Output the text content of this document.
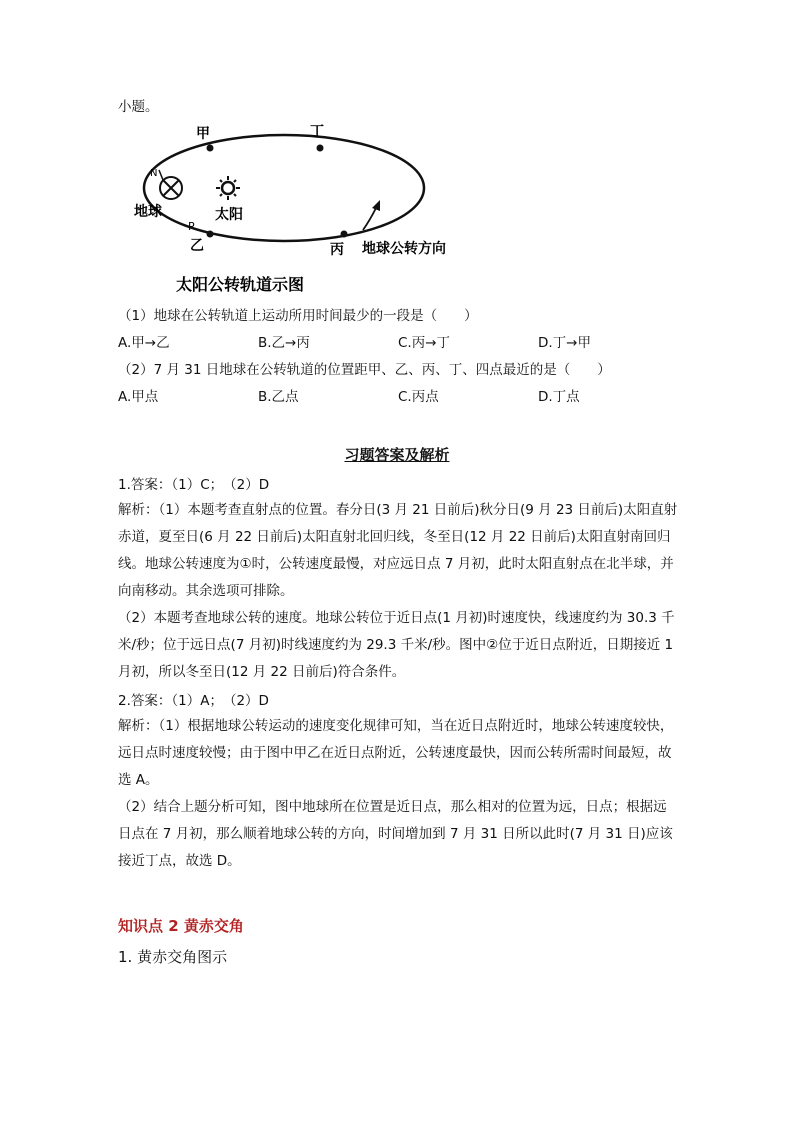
小题。
甲	丁
乙	丙
N
地球
P
太阳
地球公转方向
太阳公转轨道示图
（1）地球在公转轨道上运动所用时间最少的一段是（　　）
A.甲→乙	B.乙→丙	C.丙→丁	D.丁→甲
（2）7 月 31 日地球在公转轨道的位置距甲、乙、丙、丁、四点最近的是（　　）
A.甲点	B.乙点	C.丙点	D.丁点
习题答案及解析
1.答案：（1）C；　（2）D
解析：（1）本题考查直射点的位置。春分日(3 月 21 日前后)秋分日(9 月 23 日前后)太阳直射赤道，夏至日(6 月 22 日前后)太阳直射北回归线，冬至日(12 月 22 日前后)太阳直射南回归线。地球公转速度为①时，公转速度最慢，对应远日点 7 月初，此时太阳直射点在北半球，并向南移动。其余选项可排除。
（2）本题考查地球公转的速度。地球公转位于近日点(1 月初)时速度快，线速度约为 30.3 千米/秒；位于远日点(7 月初)时线速度约为 29.3 千米/秒。图中②位于近日点附近，日期接近 1 月初，所以冬至日(12 月 22 日前后)符合条件。
2.答案：（1）A；　（2）D
解析：（1）根据地球公转运动的速度变化规律可知，当在近日点附近时，地球公转速度较快，远日点时速度较慢；由于图中甲乙在近日点附近，公转速度最快，因而公转所需时间最短，故选 A。
（2）结合上题分析可知，图中地球所在位置是近日点，那么相对的位置为远，日点；根据远日点在 7 月初，那么顺着地球公转的方向，时间增加到 7 月 31 日所以此时(7 月 31 日)应该接近丁点，故选 D。
知识点 2 黄赤交角
1. 黄赤交角图示
